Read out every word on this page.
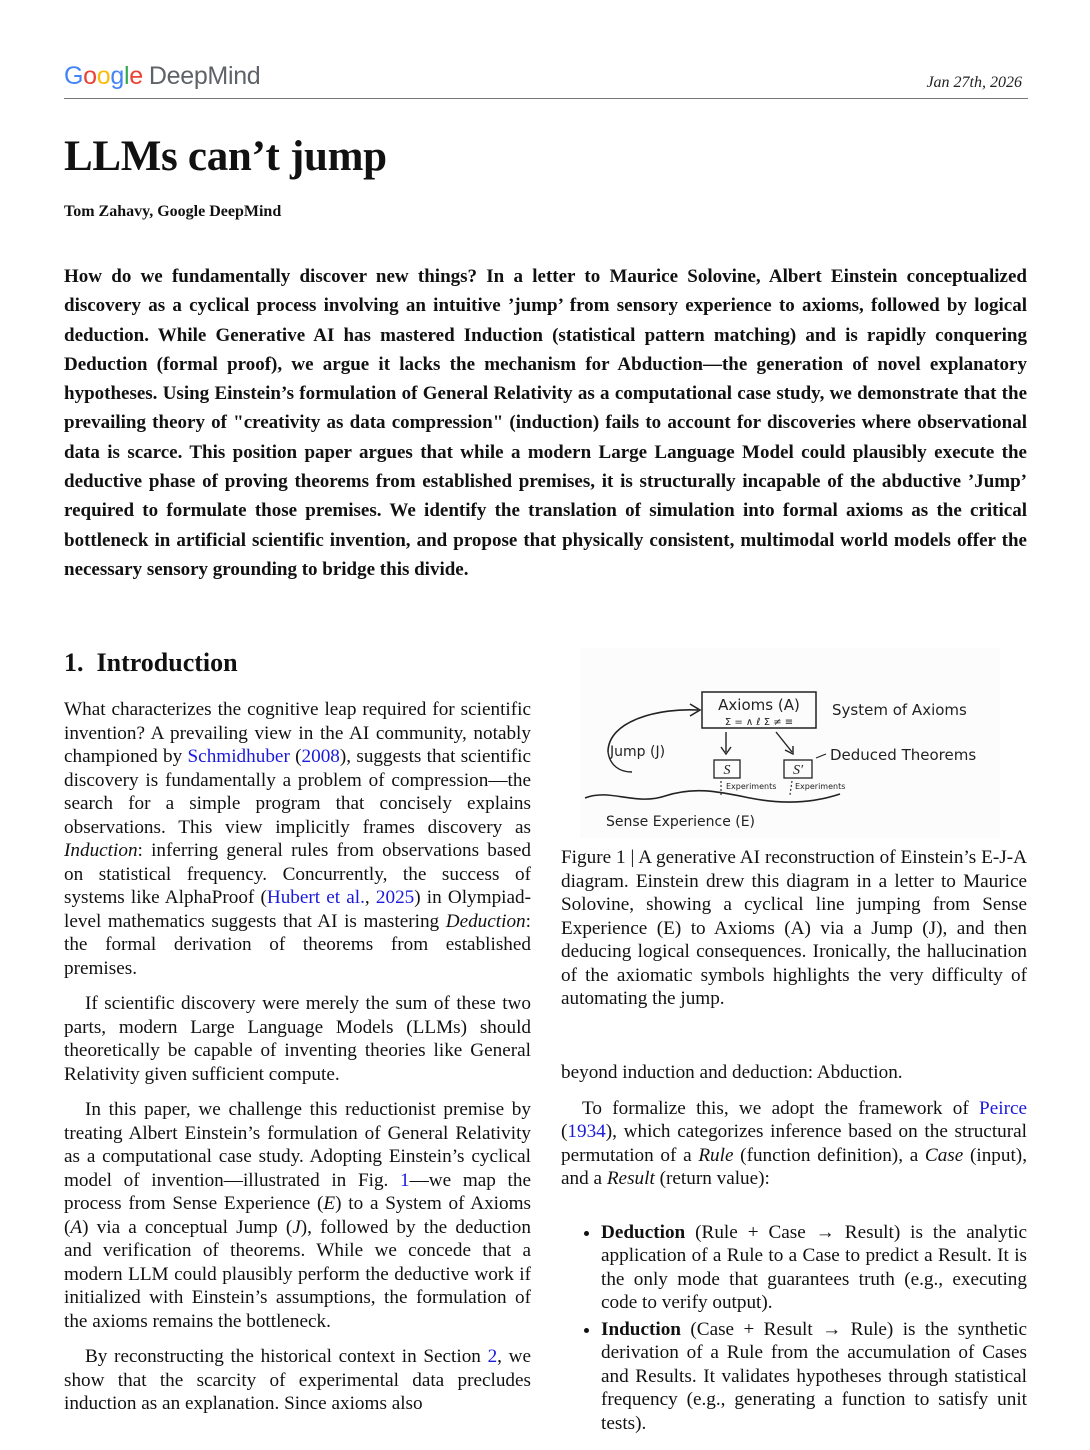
Google DeepMind	Jan 27th, 2026
LLMs can’t jump
Tom Zahavy, Google DeepMind

How do we fundamentally discover new things? In a letter to Maurice Solovine, Albert Einstein conceptualized discovery as a cyclical process involving an intuitive ’jump’ from sensory experience to axioms, followed by logical deduction. While Generative AI has mastered Induction (statistical pattern matching) and is rapidly conquering Deduction (formal proof), we argue it lacks the mechanism for Abduction—the generation of novel explanatory hypotheses. Using Einstein’s formulation of General Relativity as a computational case study, we demonstrate that the prevailing theory of "creativity as data compression" (induction) fails to account for discoveries where observational data is scarce. This position paper argues that while a modern Large Language Model could plausibly execute the deductive phase of proving theorems from established premises, it is structurally incapable of the abductive ’Jump’ required to formulate those premises. We identify the translation of simulation into formal axioms as the critical bottleneck in artificial scientific invention, and propose that physically consistent, multimodal world models offer the necessary sensory grounding to bridge this divide.

1. Introduction

What characterizes the cognitive leap required for scientific invention? A prevailing view in the AI community, notably championed by Schmidhuber (2008), suggests that scientific discovery is fundamentally a problem of compression—the search for a simple program that concisely explains observations. This view implicitly frames discovery as Induction: inferring general rules from observations based on statistical frequency. Concurrently, the success of systems like AlphaProof (Hubert et al., 2025) in Olympiad-level mathematics suggests that AI is mastering Deduction: the formal derivation of theorems from established premises.

If scientific discovery were merely the sum of these two parts, modern Large Language Models (LLMs) should theoretically be capable of inventing theories like General Relativity given sufficient compute.

In this paper, we challenge this reductionist premise by treating Albert Einstein’s formulation of General Relativity as a computational case study. Adopting Einstein’s cyclical model of invention—illustrated in Fig. 1—we map the process from Sense Experience (E) to a System of Axioms (A) via a conceptual Jump (J), followed by the deduction and verification of theorems. While we concede that a modern LLM could plausibly perform the deductive work if initialized with Einstein’s assumptions, the formulation of the axioms remains the bottleneck.

By reconstructing the historical context in Section 2, we show that the scarcity of experimental data precludes induction as an explanation. Since axioms also

Axioms (A)
Σ = ∧ ℓ Σ ≠ ≡
System of Axioms
Jump (J)
S	S′
Deduced Theorems
Experiments Experiments
Sense Experience (E)

Figure 1 | A generative AI reconstruction of Einstein’s E-J-A diagram. Einstein drew this diagram in a letter to Maurice Solovine, showing a cyclical line jumping from Sense Experience (E) to Axioms (A) via a Jump (J), and then deducing logical consequences. Ironically, the hallucination of the axiomatic symbols highlights the very difficulty of automating the jump.

beyond induction and deduction: Abduction.

To formalize this, we adopt the framework of Peirce (1934), which categorizes inference based on the structural permutation of a Rule (function definition), a Case (input), and a Result (return value):

• Deduction (Rule + Case → Result) is the analytic application of a Rule to a Case to predict a Result. It is the only mode that guarantees truth (e.g., executing code to verify output).
• Induction (Case + Result → Rule) is the synthetic derivation of a Rule from the accumulation of Cases and Results. It validates hypotheses through statistical frequency (e.g., generating a function to satisfy unit tests).
